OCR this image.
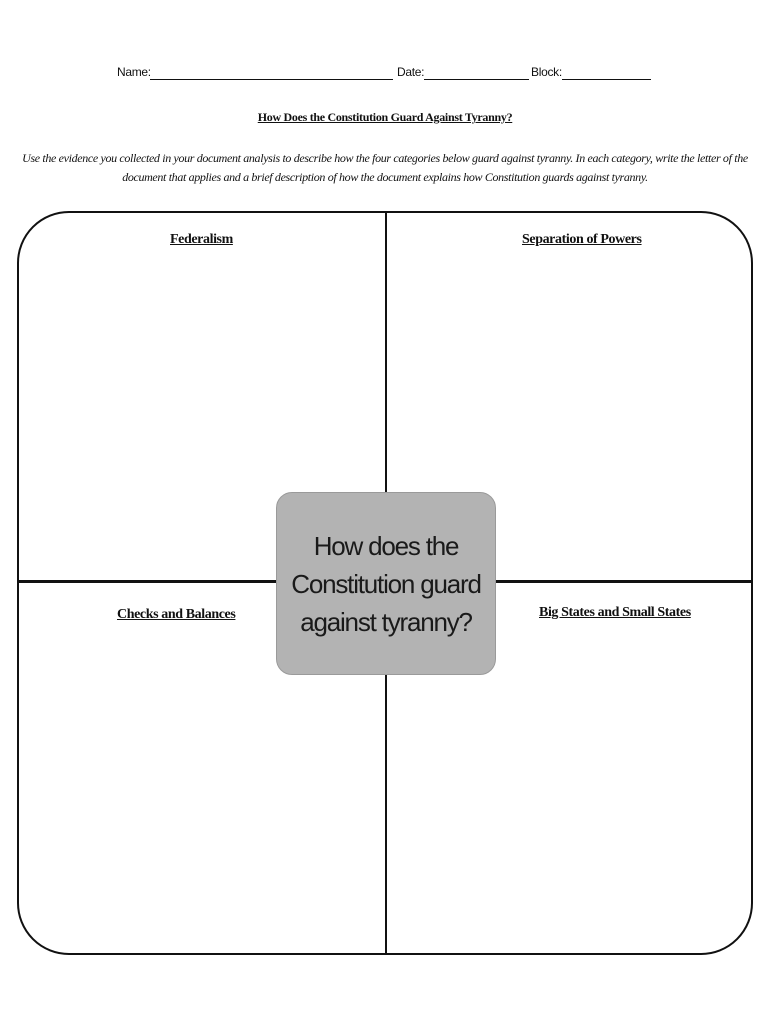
Name:	Date:	Block:
How Does the Constitution Guard Against Tyranny?
Use the evidence you collected in your document analysis to describe how the four categories below guard against tyranny. In each category, write the letter of the document that applies and a brief description of how the document explains how Constitution guards against tyranny.
Federalism	Separation of Powers
Checks and Balances	Big States and Small States
How does the Constitution guard against tyranny?
